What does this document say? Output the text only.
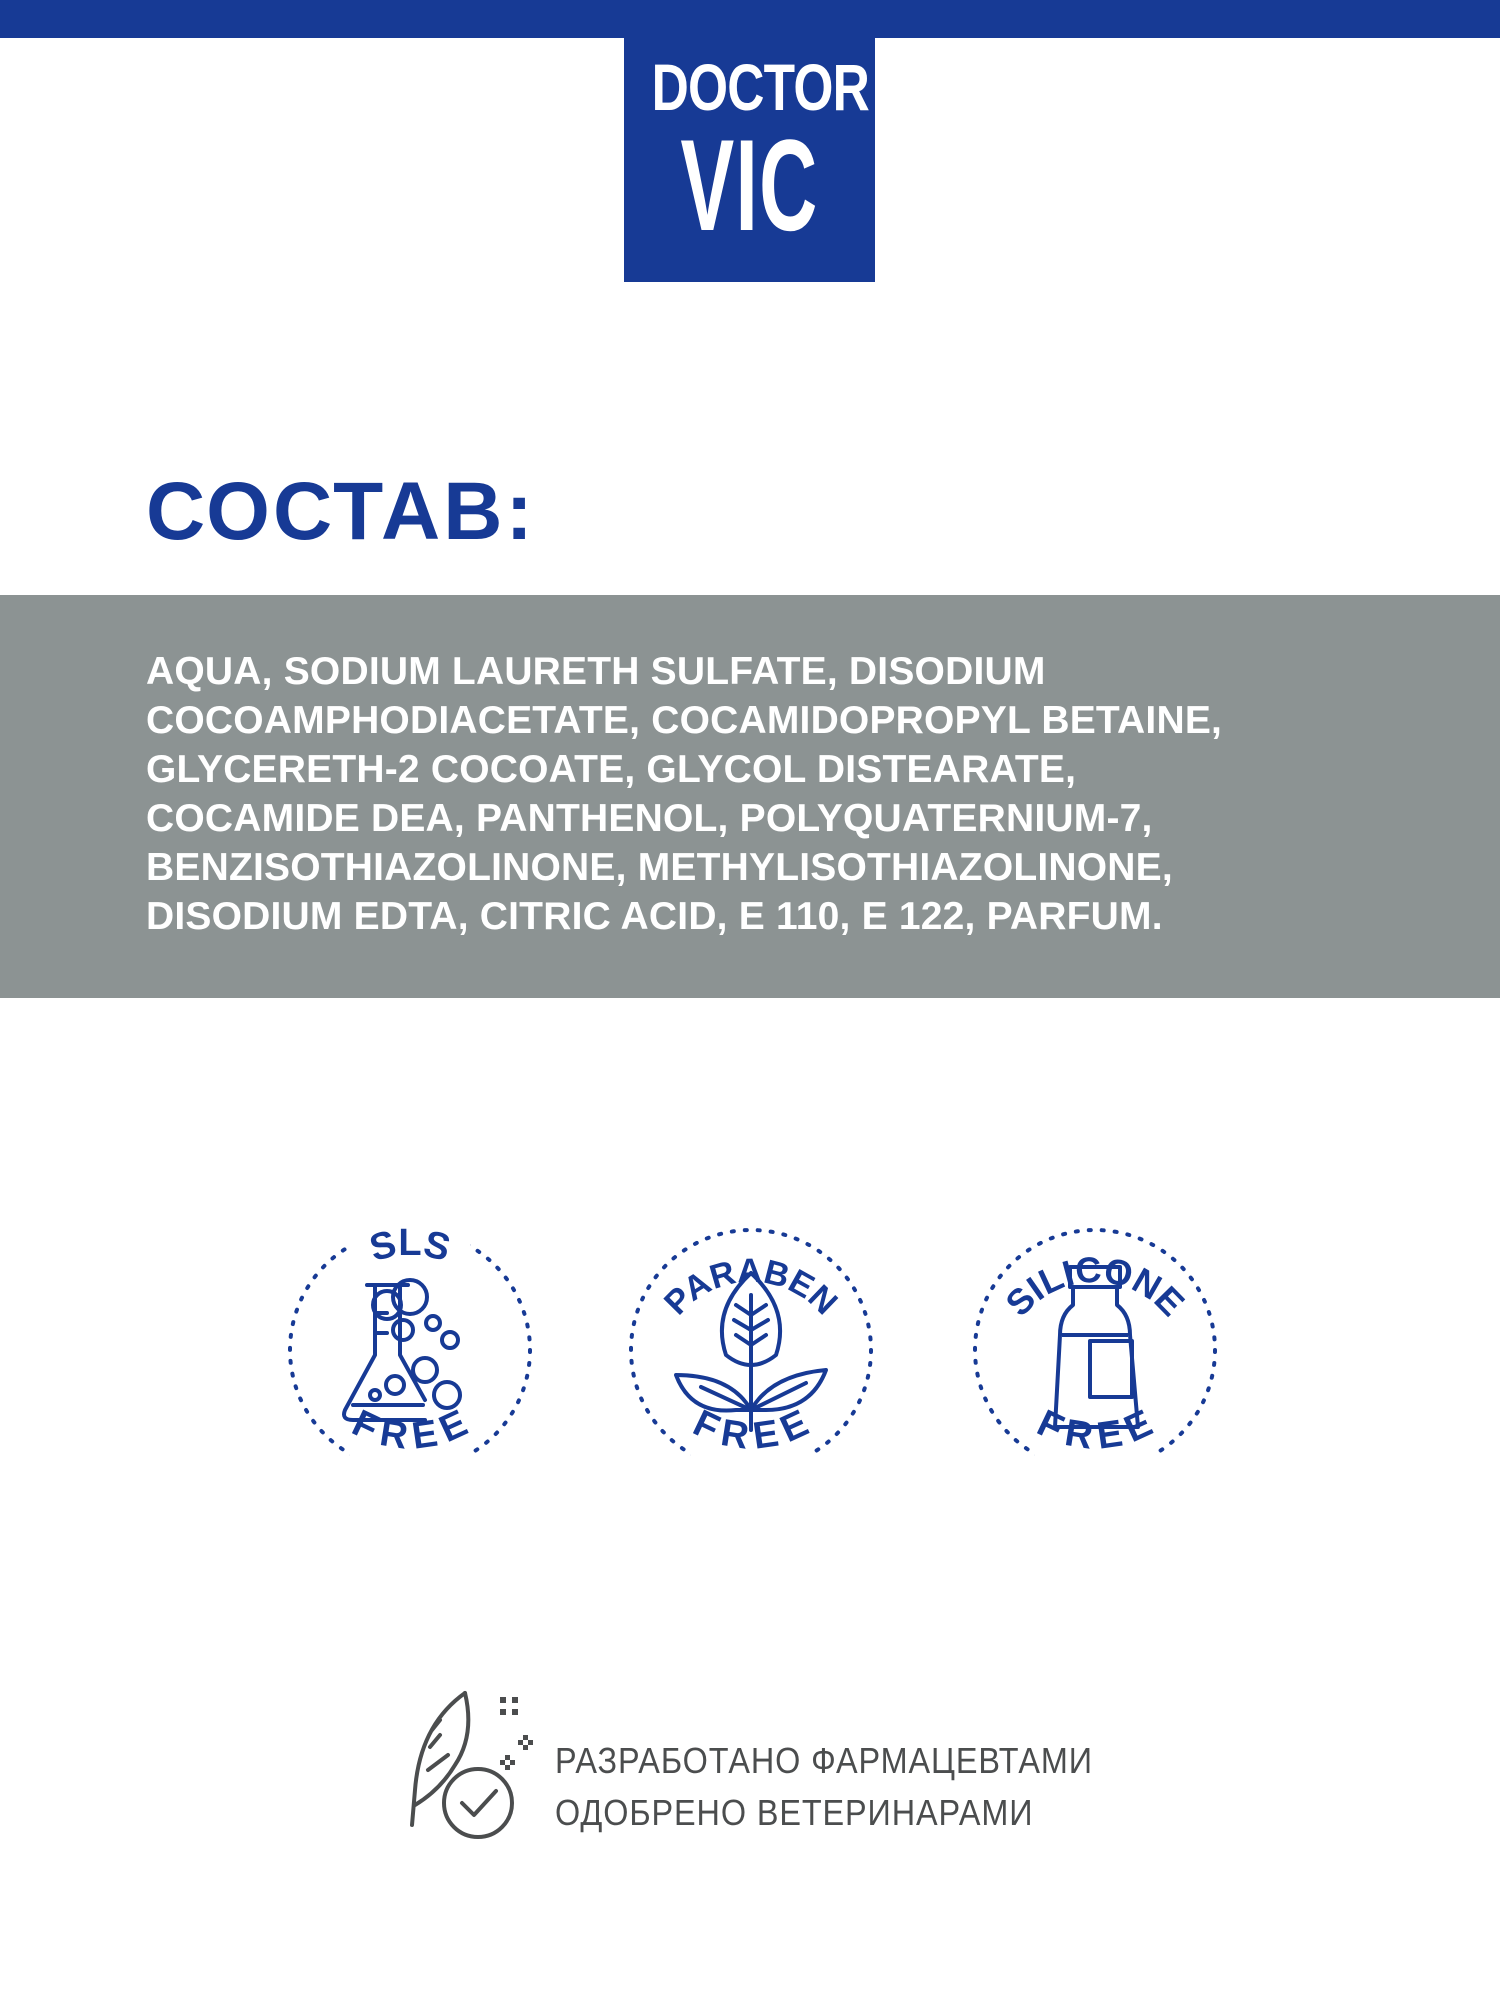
DOCTOR
VIC
СОСТАВ:
AQUA, SODIUM LAURETH SULFATE, DISODIUM
COCOAMPHODIACETATE, COCAMIDOPROPYL BETAINE,
GLYCERETH-2 COCOATE, GLYCOL DISTEARATE,
COCAMIDE DEA, PANTHENOL, POLYQUATERNIUM-7,
BENZISOTHIAZOLINONE, METHYLISOTHIAZOLINONE,
DISODIUM EDTA, CITRIC ACID, E 110, E 122, PARFUM.
SLS
FREE
PARABEN
FREE
SILICONE
FREE
РАЗРАБОТАНО ФАРМАЦЕВТАМИ
ОДОБРЕНО ВЕТЕРИНАРАМИ
